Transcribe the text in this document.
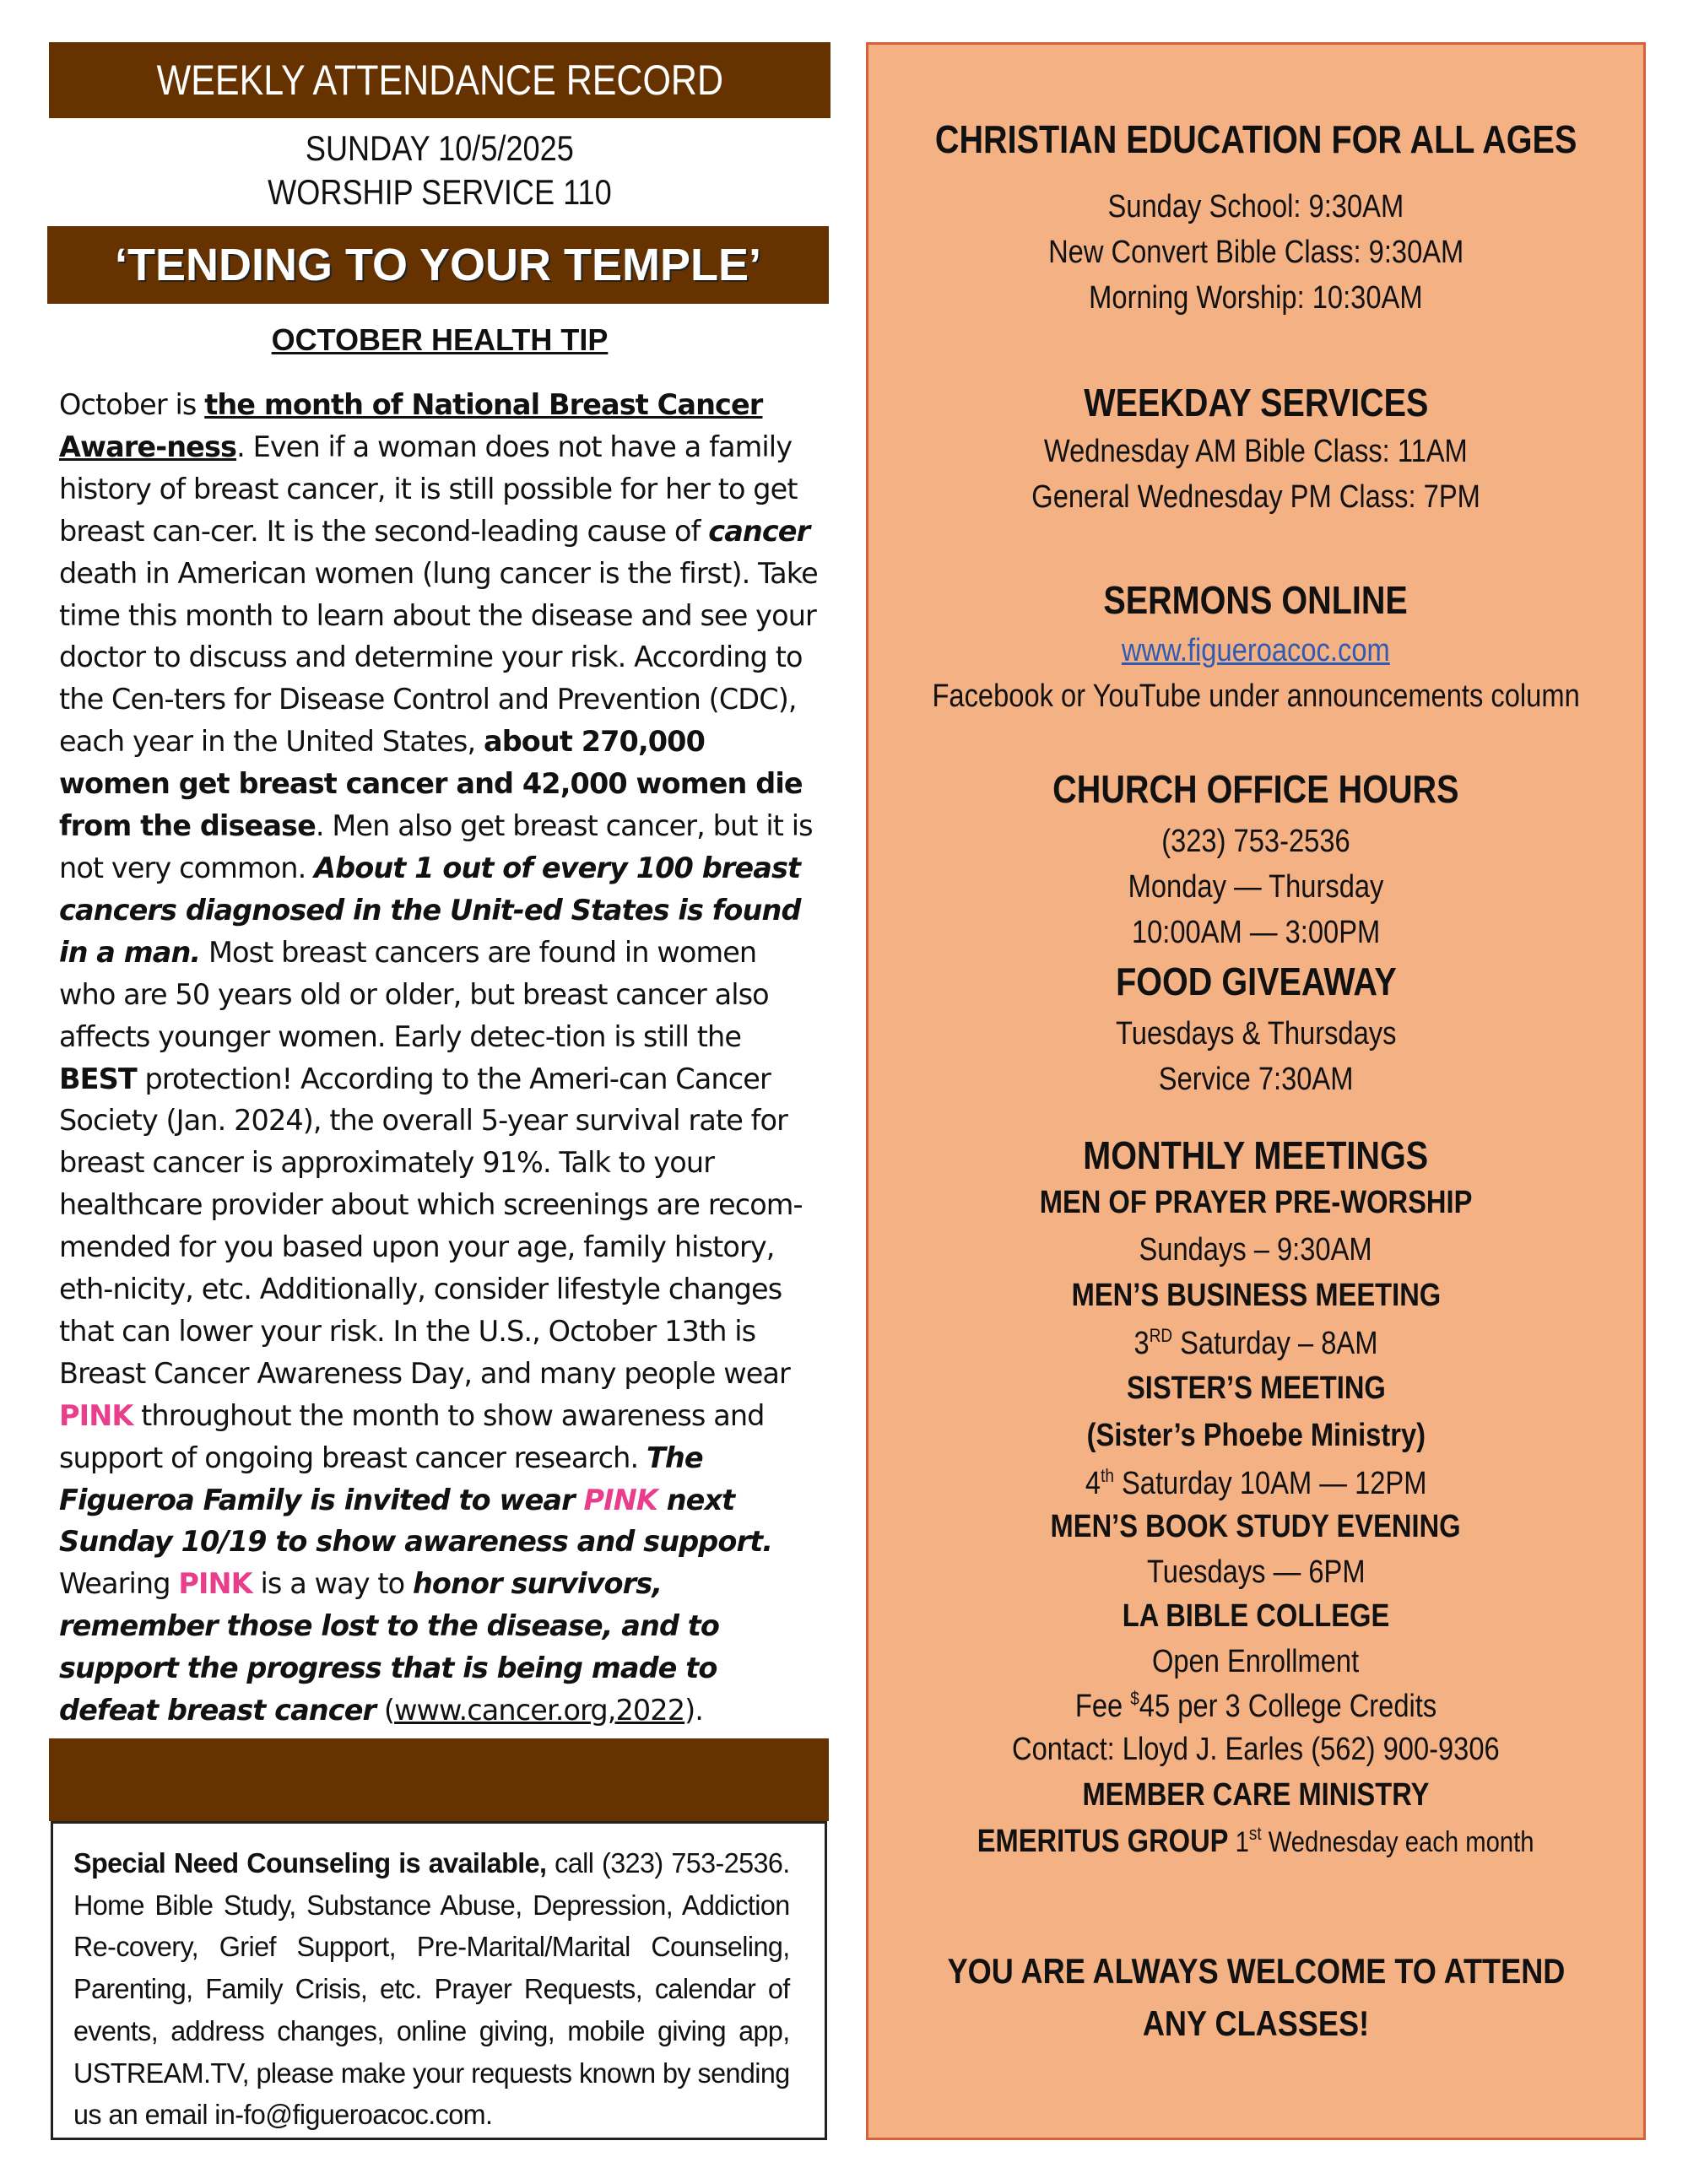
WEEKLY ATTENDANCE RECORD
SUNDAY 10/5/2025
WORSHIP SERVICE 110
‘TENDING TO YOUR TEMPLE’
OCTOBER HEALTH TIP
October is the month of National Breast Cancer Aware-ness. Even if a woman does not have a family history of breast cancer, it is still possible for her to get breast can-cer. It is the second-leading cause of cancer death in American women (lung cancer is the first). Take time this month to learn about the disease and see your doctor to discuss and determine your risk. According to the Cen-ters for Disease Control and Prevention (CDC), each year in the United States, about 270,000 women get breast cancer and 42,000 women die from the disease. Men also get breast cancer, but it is not very common. About 1 out of every 100 breast cancers diagnosed in the Unit-ed States is found in a man. Most breast cancers are found in women who are 50 years old or older, but breast cancer also affects younger women. Early detec-tion is still the BEST protection! According to the Ameri-can Cancer Society (Jan. 2024), the overall 5-year survival rate for breast cancer is approximately 91%. Talk to your healthcare provider about which screenings are recom-mended for you based upon your age, family history, eth-nicity, etc. Additionally, consider lifestyle changes that can lower your risk. In the U.S., October 13th is Breast Cancer Awareness Day, and many people wear PINK throughout the month to show awareness and support of ongoing breast cancer research. The Figueroa Family is invited to wear PINK next Sunday 10/19 to show awareness and support. Wearing PINK is a way to honor survivors, remember those lost to the disease, and to support the progress that is being made to defeat breast cancer (www.cancer.org,2022).
Special Need Counseling is available, call (323) 753-2536. Home Bible Study, Substance Abuse, Depression, Addiction Re-covery, Grief Support, Pre-Marital/Marital Counseling, Parenting, Family Crisis, etc. Prayer Requests, calendar of events, address changes, online giving, mobile giving app, USTREAM.TV, please make your requests known by sending us an email in-fo@figueroacoc.com.
CHRISTIAN EDUCATION FOR ALL AGES
Sunday School: 9:30AM
New Convert Bible Class: 9:30AM
Morning Worship: 10:30AM
WEEKDAY SERVICES
Wednesday AM Bible Class: 11AM
General Wednesday PM Class: 7PM
SERMONS ONLINE
www.figueroacoc.com
Facebook or YouTube under announcements column
CHURCH OFFICE HOURS
(323) 753-2536
Monday — Thursday
10:00AM — 3:00PM
FOOD GIVEAWAY
Tuesdays & Thursdays
Service 7:30AM
MONTHLY MEETINGS
MEN OF PRAYER PRE-WORSHIP
Sundays – 9:30AM
MEN’S BUSINESS MEETING
3RD Saturday – 8AM
SISTER’S MEETING
(Sister’s Phoebe Ministry)
4th Saturday 10AM — 12PM
MEN’S BOOK STUDY EVENING
Tuesdays — 6PM
LA BIBLE COLLEGE
Open Enrollment
Fee $45 per 3 College Credits
Contact: Lloyd J. Earles (562) 900-9306
MEMBER CARE MINISTRY
EMERITUS GROUP 1st Wednesday each month
YOU ARE ALWAYS WELCOME TO ATTEND
ANY CLASSES!
